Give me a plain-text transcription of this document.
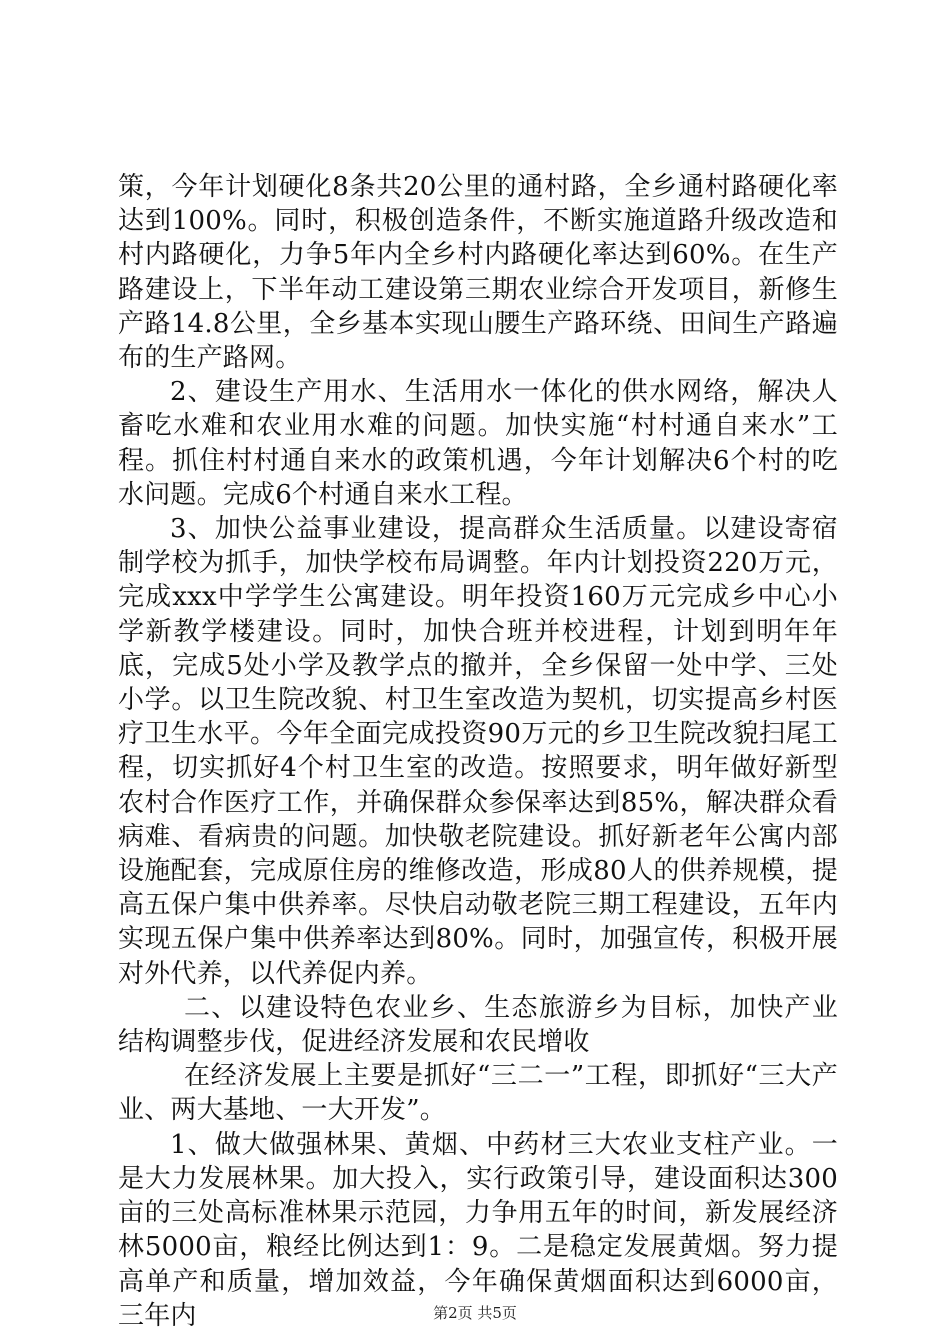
策，今年计划硬化8条共20公里的通村路，全乡通村路硬化率达到100%。同时，积极创造条件，不断实施道路升级改造和村内路硬化，力争5年内全乡村内路硬化率达到60%。在生产路建设上，下半年动工建设第三期农业综合开发项目，新修生产路14.8公里，全乡基本实现山腰生产路环绕、田间生产路遍布的生产路网。

2、建设生产用水、生活用水一体化的供水网络，解决人畜吃水难和农业用水难的问题。加快实施“村村通自来水”工程。抓住村村通自来水的政策机遇，今年计划解决6个村的吃水问题。完成6个村通自来水工程。

3、加快公益事业建设，提高群众生活质量。以建设寄宿制学校为抓手，加快学校布局调整。年内计划投资220万元，完成xxx中学学生公寓建设。明年投资160万元完成乡中心小学新教学楼建设。同时，加快合班并校进程，计划到明年年底，完成5处小学及教学点的撤并，全乡保留一处中学、三处小学。以卫生院改貌、村卫生室改造为契机，切实提高乡村医疗卫生水平。今年全面完成投资90万元的乡卫生院改貌扫尾工程，切实抓好4个村卫生室的改造。按照要求，明年做好新型农村合作医疗工作，并确保群众参保率达到85%，解决群众看病难、看病贵的问题。加快敬老院建设。抓好新老年公寓内部设施配套，完成原住房的维修改造，形成80人的供养规模，提高五保户集中供养率。尽快启动敬老院三期工程建设，五年内实现五保户集中供养率达到80%。同时，加强宣传，积极开展对外代养，以代养促内养。

二、以建设特色农业乡、生态旅游乡为目标，加快产业结构调整步伐，促进经济发展和农民增收

在经济发展上主要是抓好“三二一”工程，即抓好“三大产业、两大基地、一大开发”。

1、做大做强林果、黄烟、中药材三大农业支柱产业。一是大力发展林果。加大投入，实行政策引导，建设面积达300亩的三处高标准林果示范园，力争用五年的时间，新发展经济林5000亩，粮经比例达到1：9。二是稳定发展黄烟。努力提高单产和质量，增加效益，今年确保黄烟面积达到6000亩，三年内	第2页 共5页
